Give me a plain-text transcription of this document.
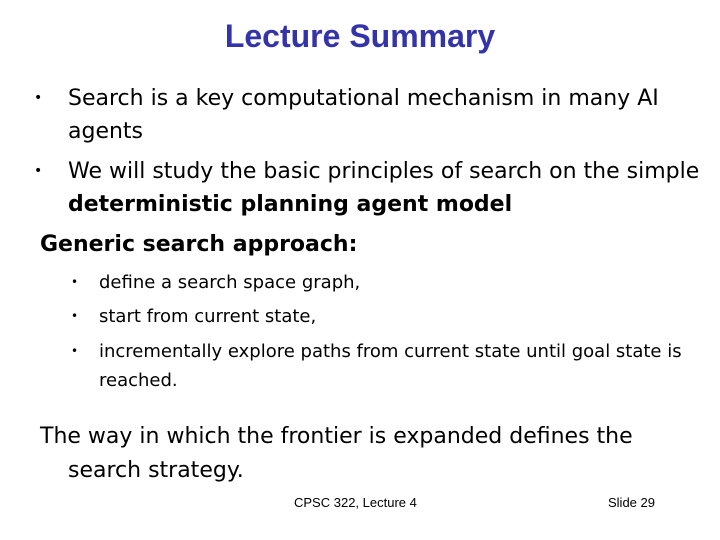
Lecture Summary
•	Search is a key computational mechanism in many AI agents
•	We will study the basic principles of search on the simple deterministic planning agent model
Generic search approach:
•	define a search space graph,
•	start from current state,
•	incrementally explore paths from current state until goal state is reached.
The way in which the frontier is expanded defines the
search strategy.
CPSC 322, Lecture 4	Slide 29
